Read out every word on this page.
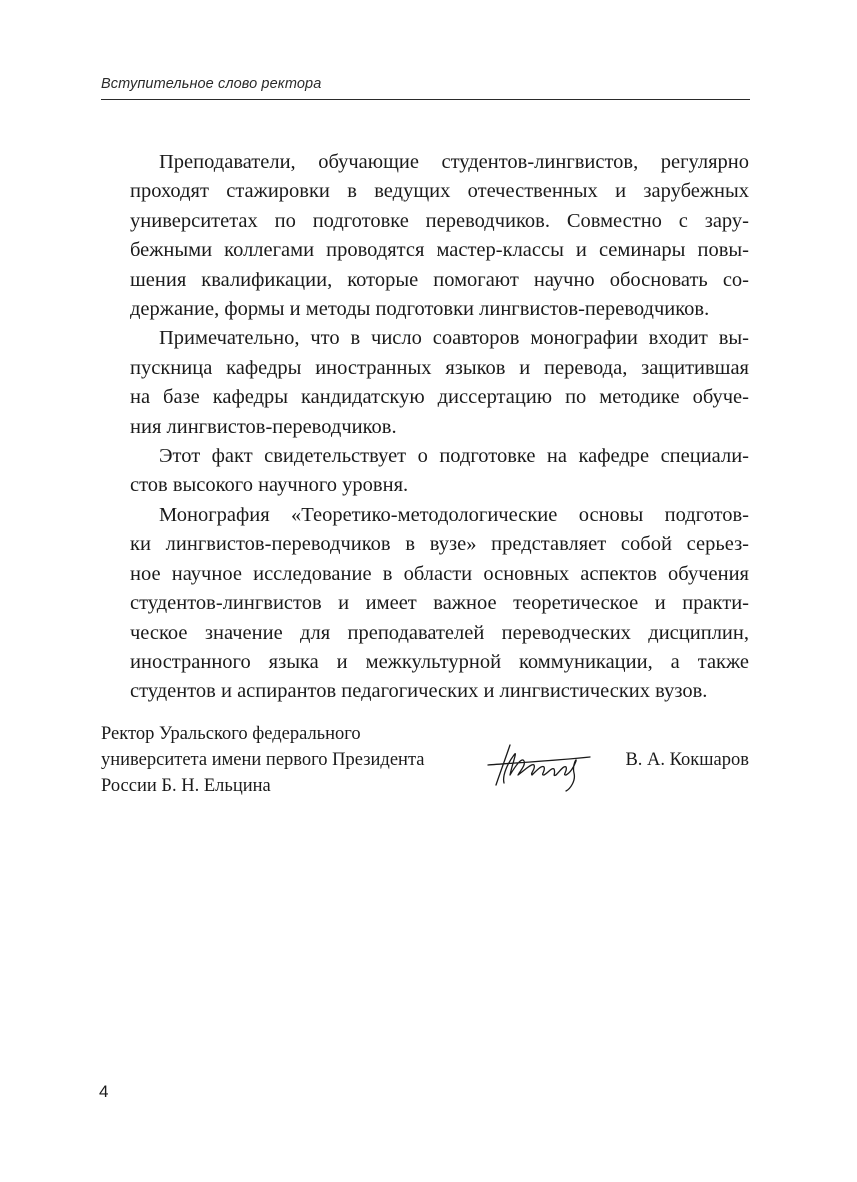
Вступительное слово ректора

Преподаватели, обучающие студентов-лингвистов, регулярно
проходят стажировки в ведущих отечественных и зарубежных
университетах по подготовке переводчиков. Совместно с зару-
бежными коллегами проводятся мастер-классы и семинары повы-
шения квалификации, которые помогают научно обосновать со-
держание, формы и методы подготовки лингвистов-переводчиков.

Примечательно, что в число соавторов монографии входит вы-
пускница кафедры иностранных языков и перевода, защитившая
на базе кафедры кандидатскую диссертацию по методике обуче-
ния лингвистов-переводчиков.

Этот факт свидетельствует о подготовке на кафедре специали-
стов высокого научного уровня.

Монография «Теоретико-методологические основы подготов-
ки лингвистов-переводчиков в вузе» представляет собой серьез-
ное научное исследование в области основных аспектов обучения
студентов-лингвистов и имеет важное теоретическое и практи-
ческое значение для преподавателей переводческих дисциплин,
иностранного языка и межкультурной коммуникации, а также
студентов и аспирантов педагогических и лингвистических вузов.

Ректор Уральского федерального
университета имени первого Президента
России Б. Н. Ельцина
В. А. Кокшаров
4
